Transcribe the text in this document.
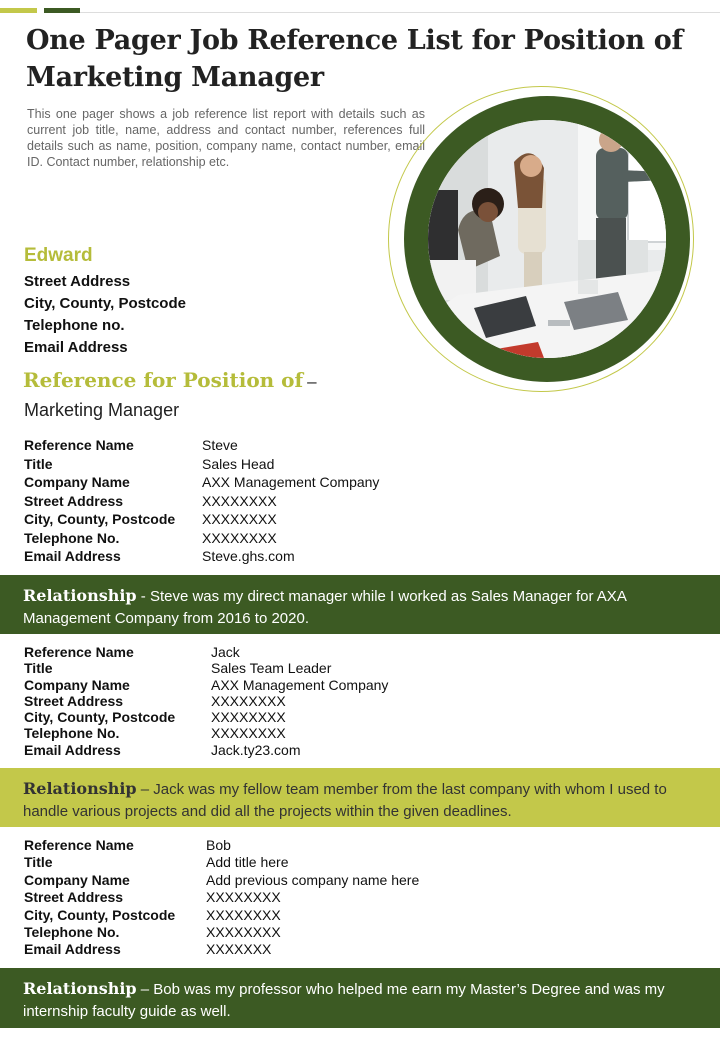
One Pager Job Reference List for Position of Marketing Manager

This one pager shows a job reference list report with details such as current job title, name, address and contact number, references full details such as name, position, company name, contact number, email ID. Contact number, relationship etc.

Edward
Street Address
City, County, Postcode
Telephone no.
Email Address
Reference for Position of –
Marketing Manager
Reference Name	Steve
Title	Sales Head
Company Name	AXX Management Company
Street Address	XXXXXXXX
City, County, Postcode	XXXXXXXX
Telephone No.	XXXXXXXX
Email Address	Steve.ghs.com
Relationship - Steve was my direct manager while I worked as Sales Manager for AXA Management Company from 2016 to 2020.
Reference Name	Jack
Title	Sales Team Leader
Company Name	AXX Management Company
Street Address	XXXXXXXX
City, County, Postcode	XXXXXXXX
Telephone No.	XXXXXXXX
Email Address	Jack.ty23.com
Relationship – Jack was my fellow team member from the last company with whom I used to handle various projects and did all the projects within the given deadlines.
Reference Name	Bob
Title	Add title here
Company Name	Add previous company name here
Street Address	XXXXXXXX
City, County, Postcode	XXXXXXXX
Telephone No.	XXXXXXXX
Email Address	XXXXXXX
Relationship – Bob was my professor who helped me earn my Master’s Degree and was my internship faculty guide as well.
